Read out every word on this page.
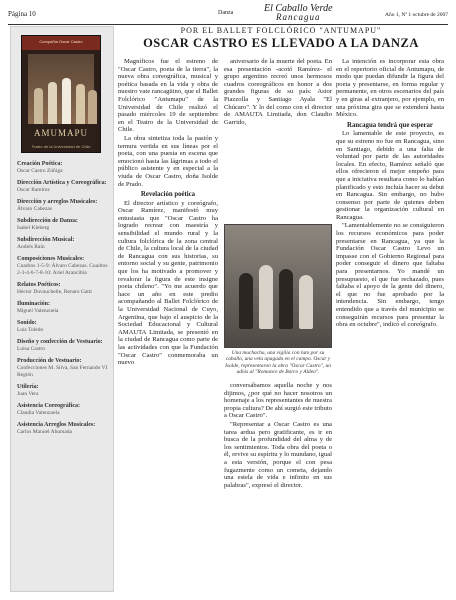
Página 10	Danza	El Caballo Verde
Rancagua	Año 1, Nº 1 octubre de 2007
Compañía Oscar Castro
AMUMAPU
Teatro de la Universidad de Chile
Creación Poética:
Oscar Castro Zúñiga
Dirección Artística y Coreográfica:
Oscar Ramírez
Dirección y arreglos Musicales:
Álvaro Cabezas
Subdirección de Danza:
Isabel Kleberg
Subdirección Musical:
Andrés Rain
Composiciones Musicales:
Cuadros 1-5-9: Álvaro Cabezas. Cuadros 2-3-4-6-7-8-10: Ariel Arancibia
Relatos Poéticos:
Héctor Duvauchelle, Renato Gatti
Iluminación:
Miguel Valenzuela
Sonido:
Luis Toledo
Diseño y confección de Vestuario:
Luisa Castro
Producción de Vestuario:
Confecciones M. Silva, San Fernando VI Región
Utilería:
Juan Vera
Asistencia Coreográfica:
Claudia Valenzuela
Asistencia Arreglos Musicales:
Carlos Manuel Ahumada
POR EL BALLET FOLCLÓRICO "ANTUMAPU"
OSCAR CASTRO ES LLEVADO A LA DANZA

Magníficos fue el estreno de "Oscar Castro, poeta de la tierra", la nueva obra coreográfica, musical y poética basada en la vida y obra de nuestro vate rancagüino, que el Ballet Folclórico "Antumapu" de la Universidad de Chile realizó el pasado miércoles 19 de septiembre en el Teatro de la Universidad de Chile.

La obra sintetiza toda la pasión y ternura vertida en sus líneas por el poeta, con una puesta en escena que emocionó hasta las lágrimas a todo el público asistente y en especial a la viuda de Oscar Castro, doña Isolde de Prado.

Revelación poética

El director artístico y coreógrafo, Oscar Ramírez, manifestó muy entusiasta que "Oscar Castro ha logrado recrear con maestría y sensibilidad el mundo rural y la cultura folclórica de la zona central de Chile, la cultura local de la ciudad de Rancagua con sus historias, su entorno social y su gente, patrimonio que los ha motivado a promover y revalorar la figura de este insigne poeta chileno". "Yo me acuerdo que hace un año en este predio acompañando al Ballet Folclórico de la Universidad Nacional de Cuyo, Argentina, que bajo el auspicio de la Sociedad Educacional y Cultural AMAUTA Limitada, se presentó en la ciudad de Rancagua como parte de las actividades con que la Fundación "Oscar Castro" conmemoraba un nuevo

aniversario de la muerte del poeta. En esa presentación -acotó Ramírez- el grupo argentino recreó unos hermosos cuadros coreográficos en honor a dos grandes figuras de su país: Astor Piazzolla y Santiago Ayala "El Chúcaro". Y lo del como con el director de AMAUTA Limitada, don Claudio Garrido,

Una muchacha, una vigilia con luto por su caballo, una vela apagada en el campo. Oscar y Isolde, representaron la obra "Oscar Castro", un adiós al "Romance de Barco y Aldea".

conversábamos aquella noche y nos dijimos, ¿por qué no hacer nosotros un homenaje a los representantes de nuestra propia cultura? De ahí surgió este tributo a Oscar Castro".

"Representar a Oscar Castro es una tarea ardua pero gratificante, es ir en busca de la profundidad del alma y de los sentimientos. Toda obra del poeta o él, revive su espíritu y lo mundano, igual a esta versión, porque el con pesa fugazmente como un cometa, dejando una estela de vida e infinito en sus palabras", expresó el director.

La intención es incorporar esta obra en el repertorio oficial de Antumapu, de modo que puedan difundir la figura del poeta y presentarse, en forma regular y permanente, en otros escenarios del país y en giras al extranjero, por ejemplo, en una próxima gira que se extenderá hasta México.

Rancagua tendrá que esperar

Lo lamentable de este proyecto, es que su estreno no fue en Rancagua, sino en Santiago, debido a una falta de voluntad por parte de las autoridades locales. En efecto, Ramírez señaló que ellos ofrecieron el mejor empeño para que a iniciativa resultara como lo habían planificado y esto incluía hacer su debut en Rancagua. Sin embargo, no hubo consenso por parte de quienes deben gestionar la organización cultural en Rancagua.

"Lamentablemente no se consiguieron los recursos económicos para poder presentarse en Rancagua, ya que la Fundación Oscar Castro Levo un impasse con el Gobierno Regional para poder conseguir el dinero que faltaba para presentarnos. Yo mandé un presupuesto, el que fue rechazado, pues faltaba el apoyo de la gente del dinero, el que no fue aprobado por la intendencia. Sin embargo, tengo entendido que a través del municipio se conseguirán recursos para presentar la obra en octubre", indicó el coreógrafo.
